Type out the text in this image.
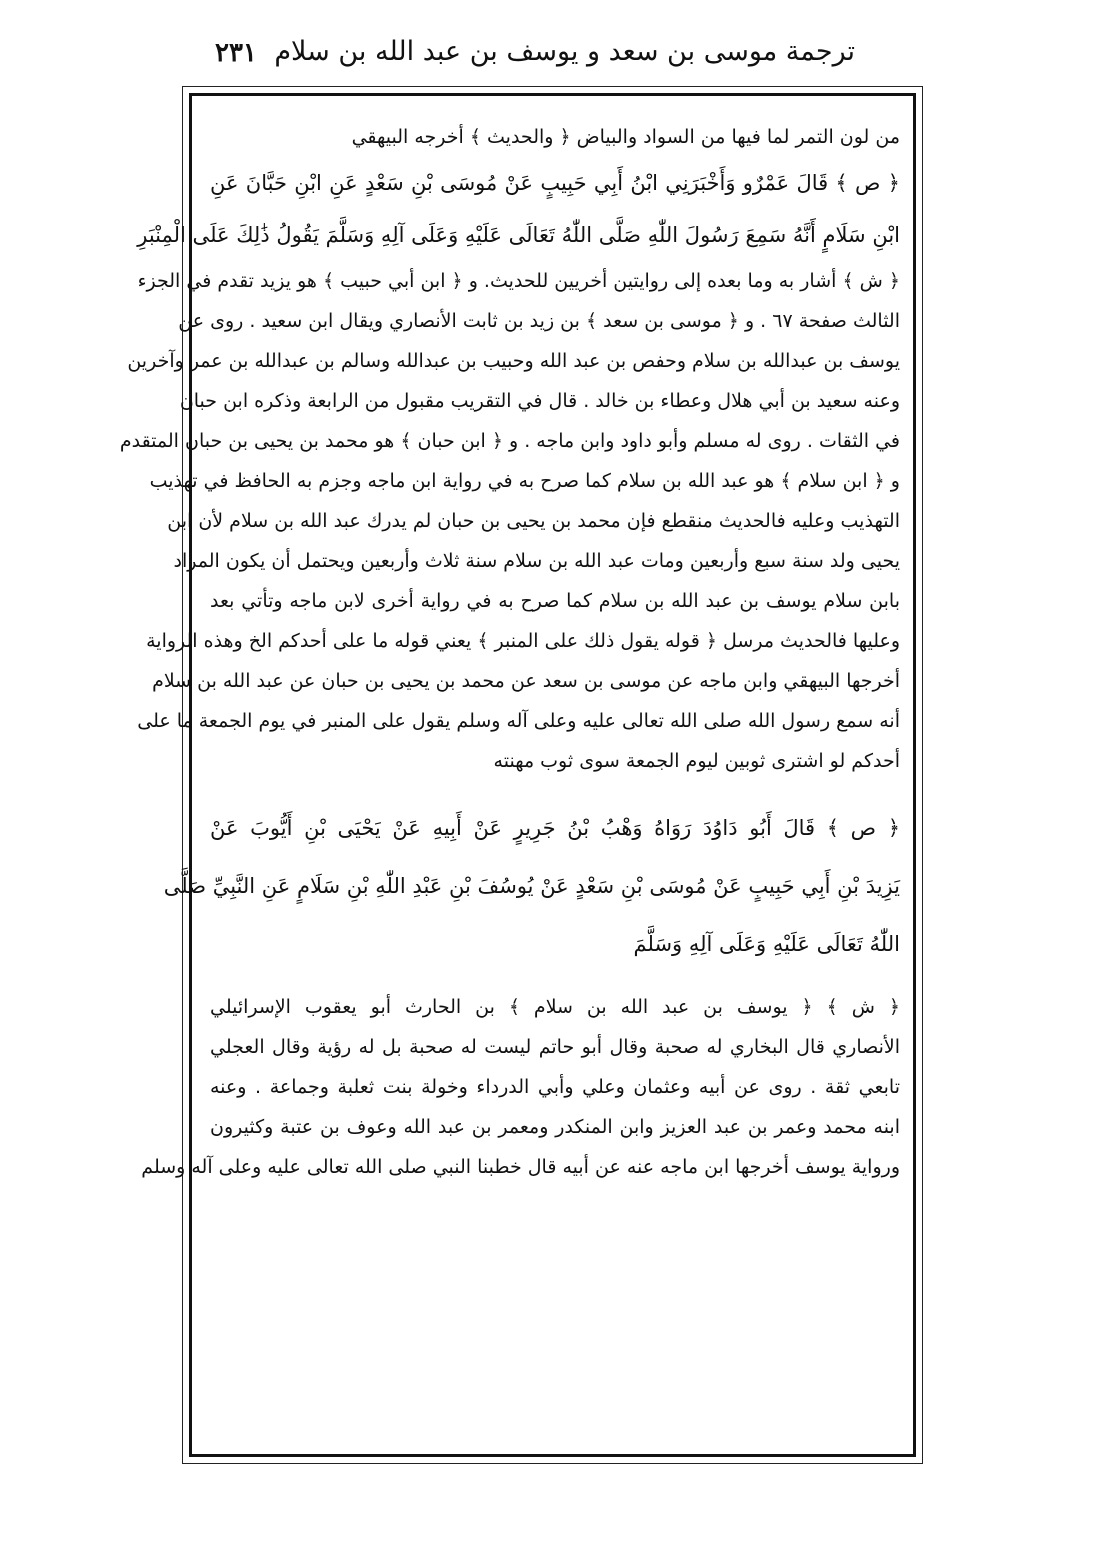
ترجمة موسى بن سعد و يوسف بن عبد الله بن سلام
٢٣١
من لون التمر لما فيها من السواد والبياض ﴿ والحديث ﴾ أخرجه البيهقي
﴿ ص ﴾ قَالَ عَمْرٌو وَأَخْبَرَنِي ابْنُ أَبِي حَبِيبٍ عَنْ مُوسَى بْنِ سَعْدٍ عَنِ ابْنِ حَبَّانَ عَنِ
ابْنِ سَلَامٍ أَنَّهُ سَمِعَ رَسُولَ اللّٰهِ صَلَّى اللّٰهُ تَعَالَى عَلَيْهِ وَعَلَى آلِهِ وَسَلَّمَ يَقُولُ ذَٰلِكَ عَلَى الْمِنْبَرِ
﴿ ش ﴾ أشار به وما بعده إلى روايتين أخريين للحديث. و ﴿ ابن أبي حبيب ﴾ هو يزيد تقدم في الجزء
الثالث صفحة ٦٧ . و ﴿ موسى بن سعد ﴾ بن زيد بن ثابت الأنصاري ويقال ابن سعيد . روى عن
يوسف بن عبدالله بن سلام وحفص بن عبد الله وحبيب بن عبدالله وسالم بن عبدالله بن عمر وآخرين
وعنه سعيد بن أبي هلال وعطاء بن خالد . قال في التقريب مقبول من الرابعة وذكره ابن حبان
في الثقات . روى له مسلم وأبو داود وابن ماجه . و ﴿ ابن حبان ﴾ هو محمد بن يحيى بن حبان المتقدم
و ﴿ ابن سلام ﴾ هو عبد الله بن سلام كما صرح به في رواية ابن ماجه وجزم به الحافظ في تهذيب
التهذيب وعليه فالحديث منقطع فإن محمد بن يحيى بن حبان لم يدرك عبد الله بن سلام لأن ابن
يحيى ولد سنة سبع وأربعين ومات عبد الله بن سلام سنة ثلاث وأربعين ويحتمل أن يكون المراد
بابن سلام يوسف بن عبد الله بن سلام كما صرح به في رواية أخرى لابن ماجه وتأتي بعد
وعليها فالحديث مرسل ﴿ قوله يقول ذلك على المنبر ﴾ يعني قوله ما على أحدكم الخ وهذه الرواية
أخرجها البيهقي وابن ماجه عن موسى بن سعد عن محمد بن يحيى بن حبان عن عبد الله بن سلام
أنه سمع رسول الله صلى الله تعالى عليه وعلى آله وسلم يقول على المنبر في يوم الجمعة ما على
أحدكم لو اشترى ثوبين ليوم الجمعة سوى ثوب مهنته
﴿ ص ﴾ قَالَ أَبُو دَاوُدَ رَوَاهُ وَهْبُ بْنُ جَرِيرٍ عَنْ أَبِيهِ عَنْ يَحْيَى بْنِ أَيُّوبَ عَنْ
يَزِيدَ بْنِ أَبِي حَبِيبٍ عَنْ مُوسَى بْنِ سَعْدٍ عَنْ يُوسُفَ بْنِ عَبْدِ اللّٰهِ بْنِ سَلَامٍ عَنِ النَّبِيِّ صَلَّى
اللّٰهُ تَعَالَى عَلَيْهِ وَعَلَى آلِهِ وَسَلَّمَ
﴿ ش ﴾ ﴿ يوسف بن عبد الله بن سلام ﴾ بن الحارث أبو يعقوب الإسرائيلي
الأنصاري قال البخاري له صحبة وقال أبو حاتم ليست له صحبة بل له رؤية وقال العجلي
تابعي ثقة . روى عن أبيه وعثمان وعلي وأبي الدرداء وخولة بنت ثعلبة وجماعة . وعنه
ابنه محمد وعمر بن عبد العزيز وابن المنكدر ومعمر بن عبد الله وعوف بن عتبة وكثيرون
ورواية يوسف أخرجها ابن ماجه عنه عن أبيه قال خطبنا النبي صلى الله تعالى عليه وعلى آله وسلم
